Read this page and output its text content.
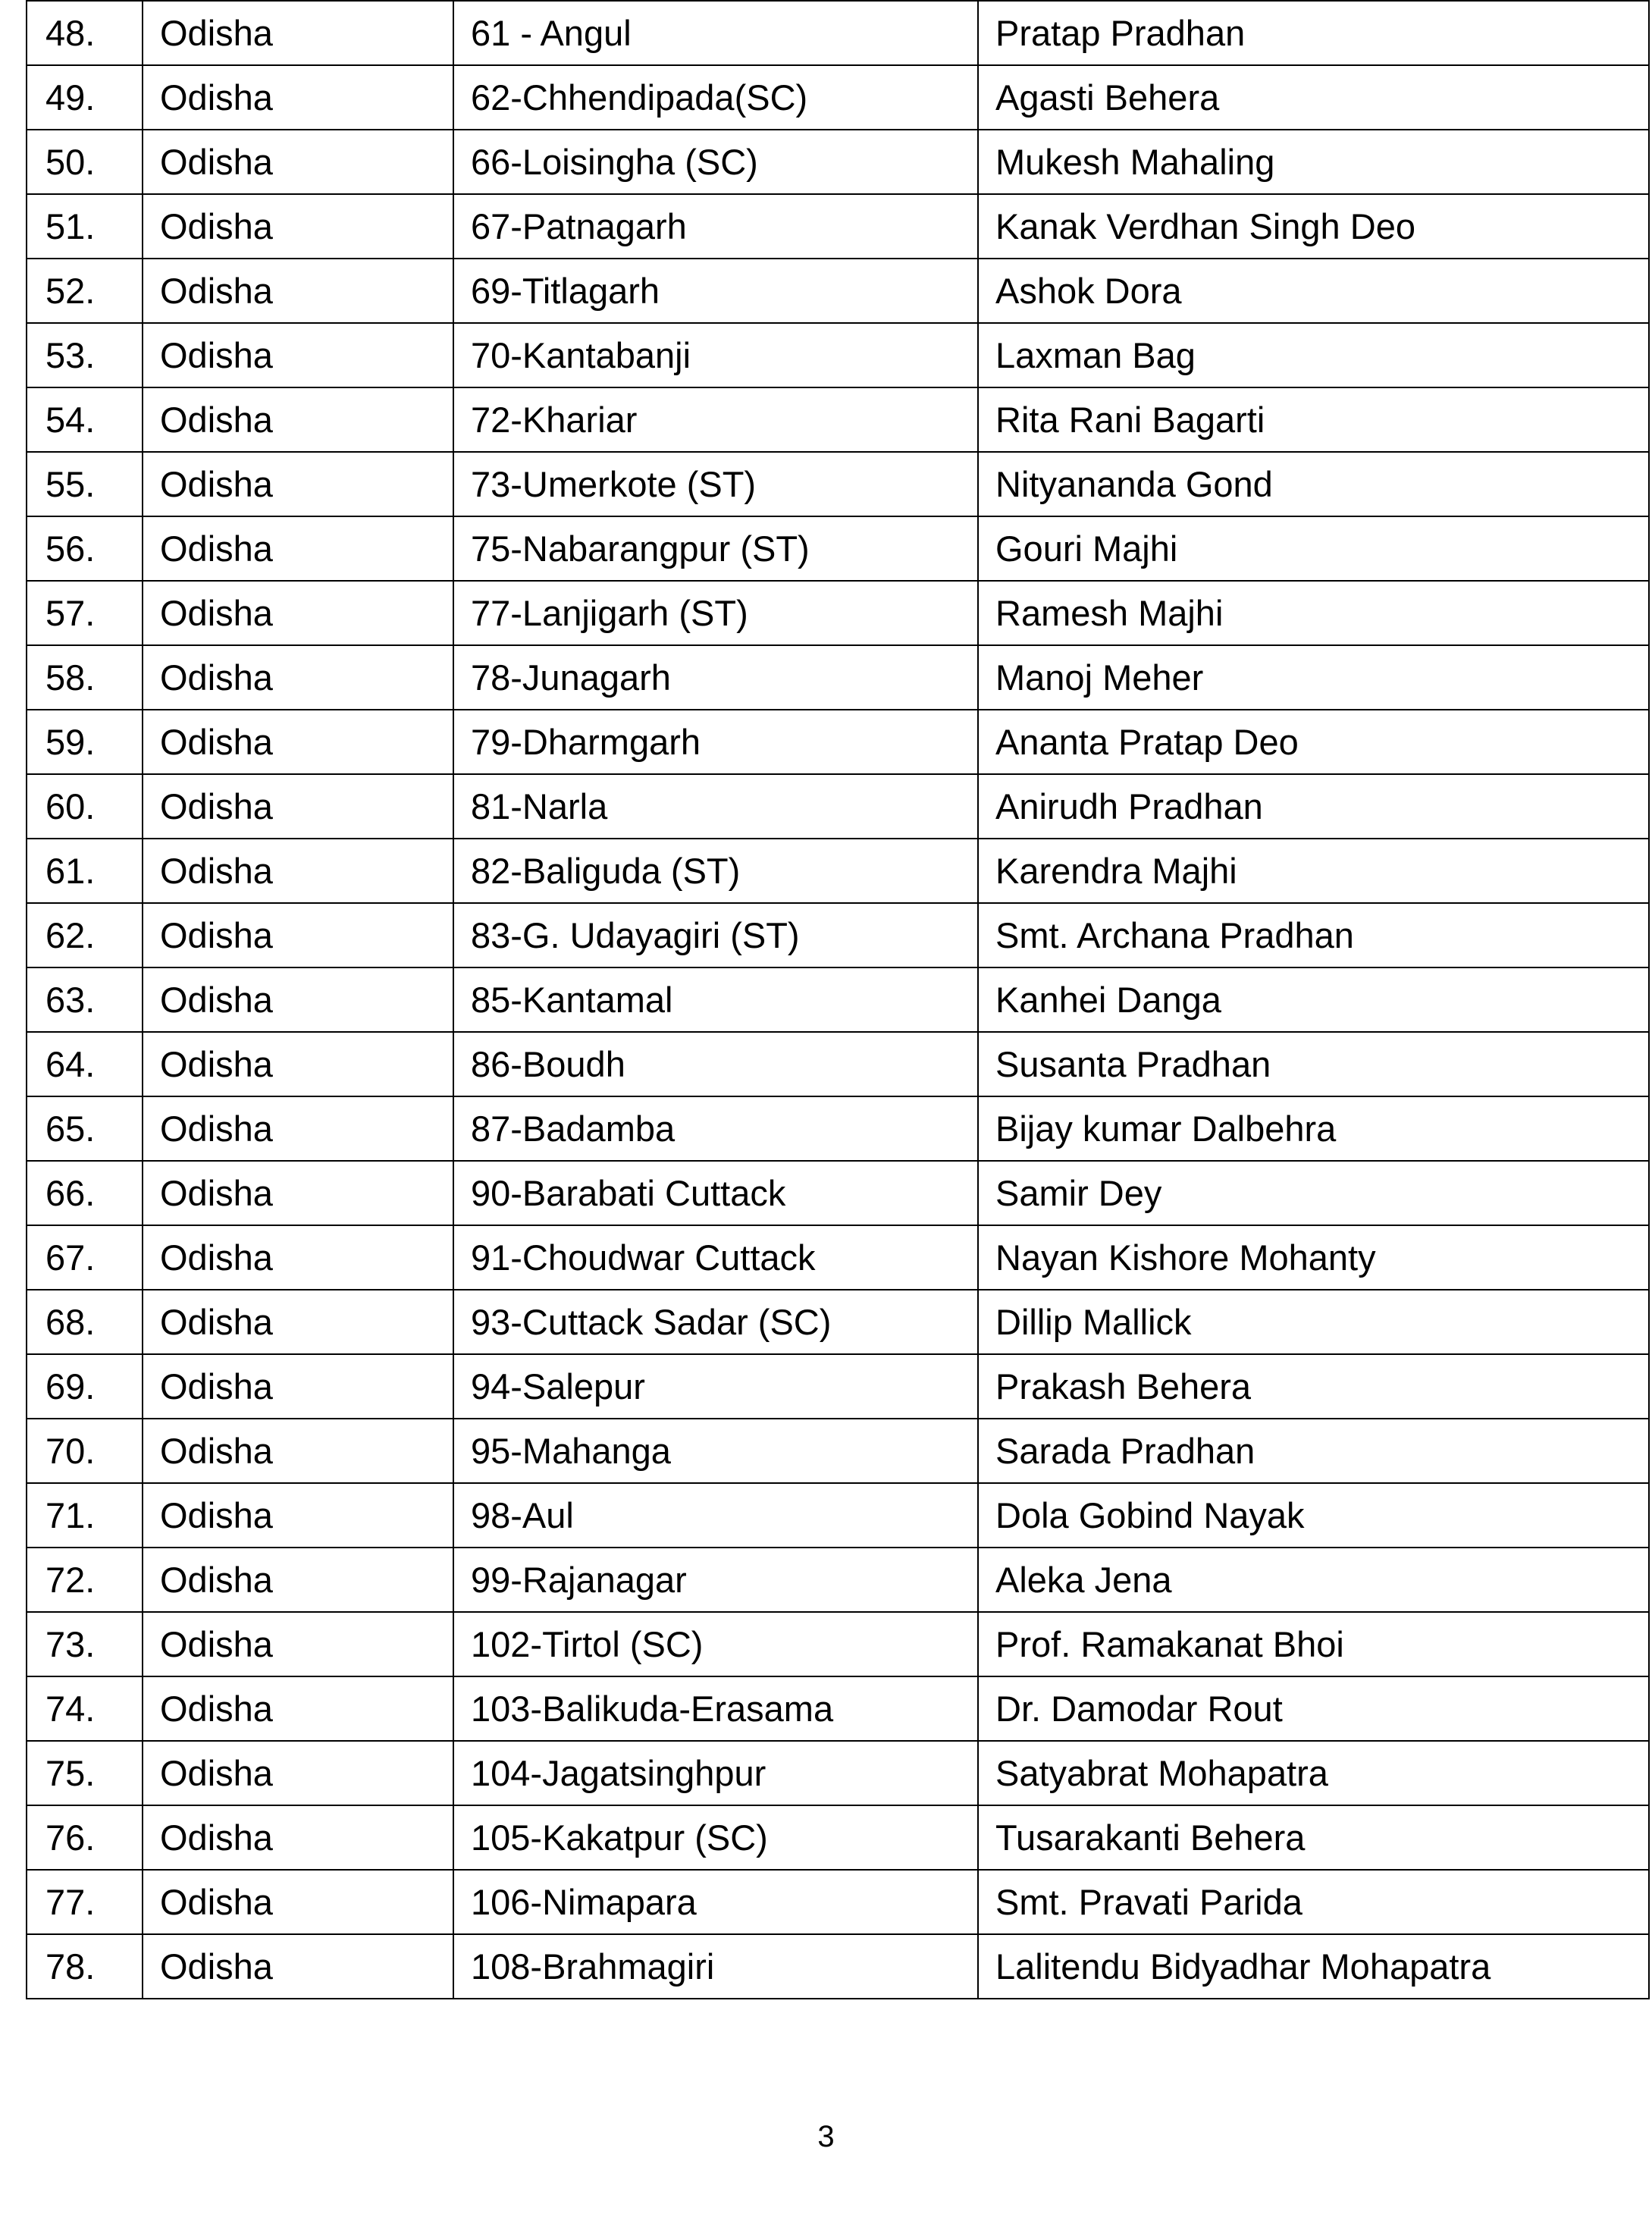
48.	Odisha	61 - Angul	Pratap Pradhan
49.	Odisha	62-Chhendipada(SC)	Agasti Behera
50.	Odisha	66-Loisingha (SC)	Mukesh Mahaling
51.	Odisha	67-Patnagarh	Kanak Verdhan Singh Deo
52.	Odisha	69-Titlagarh	Ashok Dora
53.	Odisha	70-Kantabanji	Laxman Bag
54.	Odisha	72-Khariar	Rita Rani Bagarti
55.	Odisha	73-Umerkote (ST)	Nityananda Gond
56.	Odisha	75-Nabarangpur (ST)	Gouri Majhi
57.	Odisha	77-Lanjigarh (ST)	Ramesh Majhi
58.	Odisha	78-Junagarh	Manoj Meher
59.	Odisha	79-Dharmgarh	Ananta Pratap Deo
60.	Odisha	81-Narla	Anirudh Pradhan
61.	Odisha	82-Baliguda (ST)	Karendra Majhi
62.	Odisha	83-G. Udayagiri (ST)	Smt. Archana Pradhan
63.	Odisha	85-Kantamal	Kanhei Danga
64.	Odisha	86-Boudh	Susanta Pradhan
65.	Odisha	87-Badamba	Bijay kumar Dalbehra
66.	Odisha	90-Barabati Cuttack	Samir Dey
67.	Odisha	91-Choudwar Cuttack	Nayan Kishore Mohanty
68.	Odisha	93-Cuttack Sadar (SC)	Dillip Mallick
69.	Odisha	94-Salepur	Prakash Behera
70.	Odisha	95-Mahanga	Sarada Pradhan
71.	Odisha	98-Aul	Dola Gobind Nayak
72.	Odisha	99-Rajanagar	Aleka Jena
73.	Odisha	102-Tirtol (SC)	Prof. Ramakanat Bhoi
74.	Odisha	103-Balikuda-Erasama	Dr. Damodar Rout
75.	Odisha	104-Jagatsinghpur	Satyabrat Mohapatra
76.	Odisha	105-Kakatpur (SC)	Tusarakanti Behera
77.	Odisha	106-Nimapara	Smt. Pravati Parida
78.	Odisha	108-Brahmagiri	Lalitendu Bidyadhar Mohapatra
3
